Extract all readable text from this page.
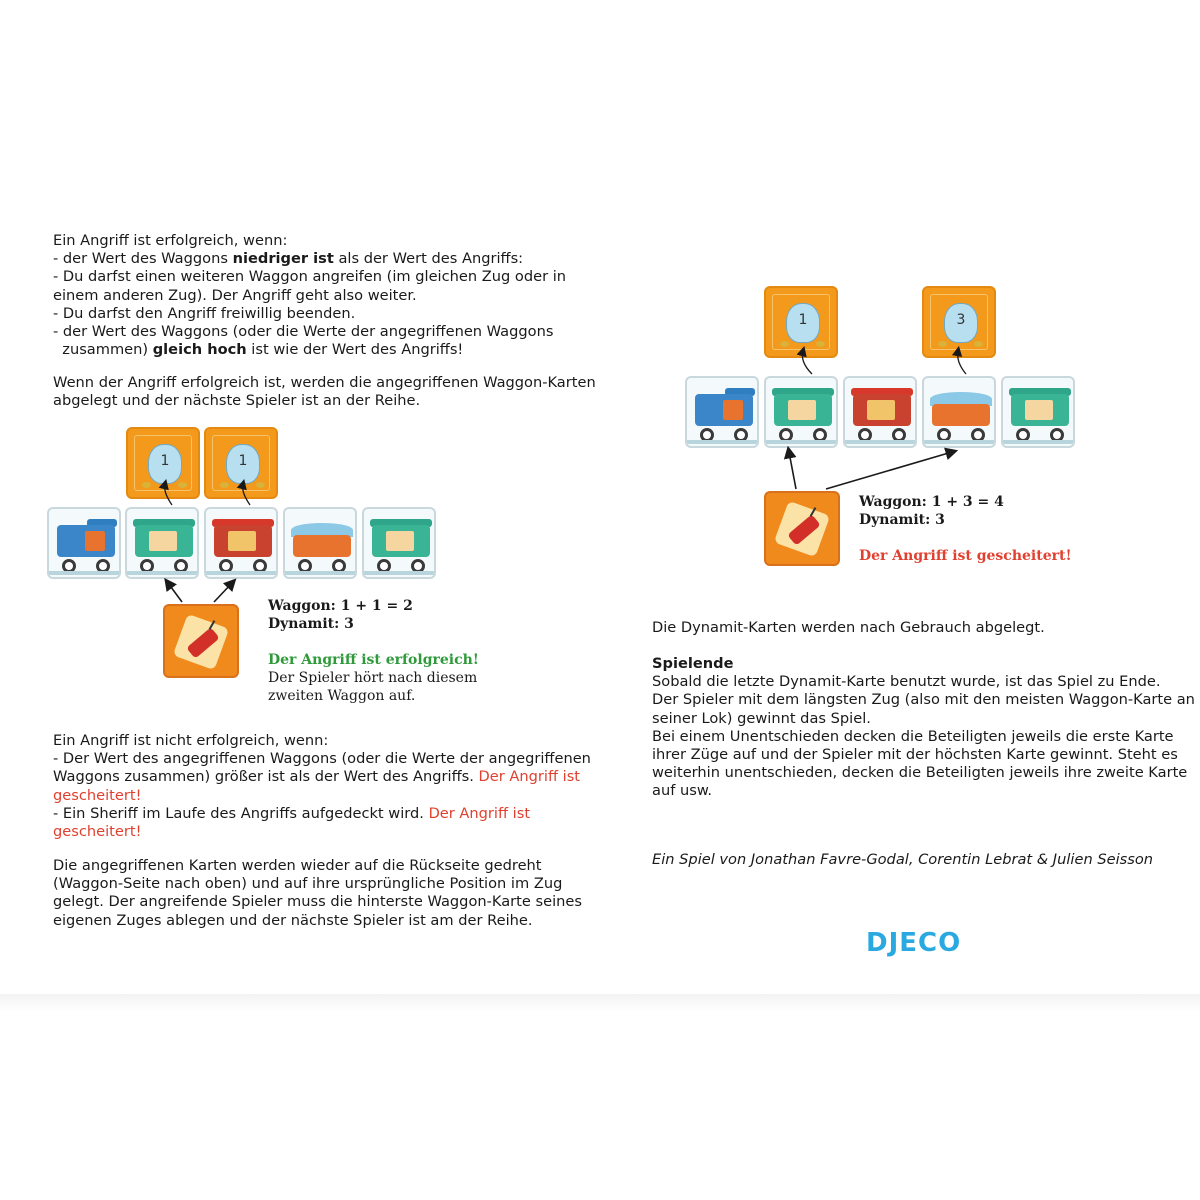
Ein Angriff ist erfolgreich, wenn:
- der Wert des Waggons niedriger ist als der Wert des Angriffs:
- Du darfst einen weiteren Waggon angreifen (im gleichen Zug oder in
einem anderen Zug). Der Angriff geht also weiter.
- Du darfst den Angriff freiwillig beenden.
- der Wert des Waggons (oder die Werte der angegriffenen Waggons
zusammen) gleich hoch ist wie der Wert des Angriffs!
Wenn der Angriff erfolgreich ist, werden die angegriffenen Waggon-Karten
abgelegt und der nächste Spieler ist an der Reihe.
Ein Angriff ist nicht erfolgreich, wenn:
- Der Wert des angegriffenen Waggons (oder die Werte der angegriffenen
Waggons zusammen) größer ist als der Wert des Angriffs. Der Angriff ist
gescheitert!
- Ein Sheriff im Laufe des Angriffs aufgedeckt wird. Der Angriff ist
gescheitert!
Die angegriffenen Karten werden wieder auf die Rückseite gedreht
(Waggon-Seite nach oben) und auf ihre ursprüngliche Position im Zug
gelegt. Der angreifende Spieler muss die hinterste Waggon-Karte seines
eigenen Zuges ablegen und der nächste Spieler ist am der Reihe.
1	1
Waggon: 1 + 1 = 2
Dynamit: 3

Der Angriff ist erfolgreich!
Der Spieler hört nach diesem
zweiten Waggon auf.
1	3
Waggon: 1 + 3 = 4
Dynamit: 3

Der Angriff ist gescheitert!
Die Dynamit-Karten werden nach Gebrauch abgelegt.
Spielende
Sobald die letzte Dynamit-Karte benutzt wurde, ist das Spiel zu Ende.
Der Spieler mit dem längsten Zug (also mit den meisten Waggon-Karte an
seiner Lok) gewinnt das Spiel.
Bei einem Unentschieden decken die Beteiligten jeweils die erste Karte
ihrer Züge auf und der Spieler mit der höchsten Karte gewinnt. Steht es
weiterhin unentschieden, decken die Beteiligten jeweils ihre zweite Karte
auf usw.
Ein Spiel von Jonathan Favre-Godal, Corentin Lebrat & Julien Seisson
DJECO
